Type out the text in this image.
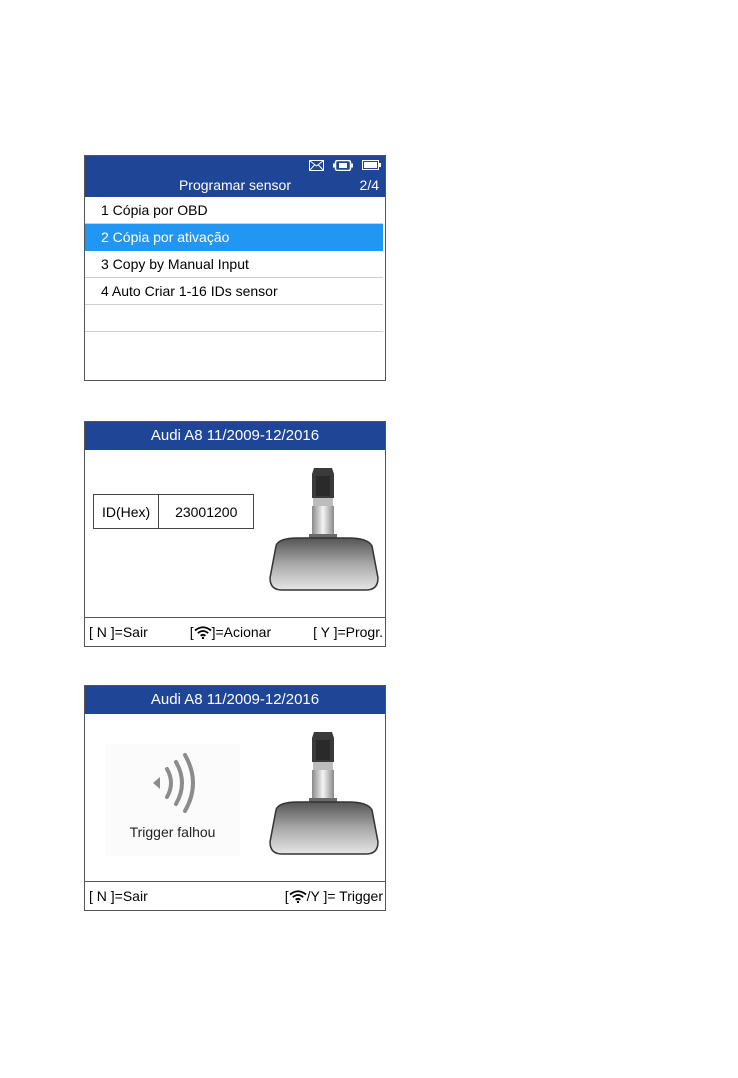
Programar sensor	2/4
1 Cópia por OBD
2 Cópia por ativação
3 Copy by Manual Input
4 Auto Criar 1-16 IDs sensor
Audi A8 11/2009-12/2016
ID(Hex)	23001200
[ N ] =Sair	[ ] =Acionar	[ Y ] =Progr.
Audi A8 11/2009-12/2016
Trigger falhou
[ N ] =Sair	[ /Y ] = Trigger
